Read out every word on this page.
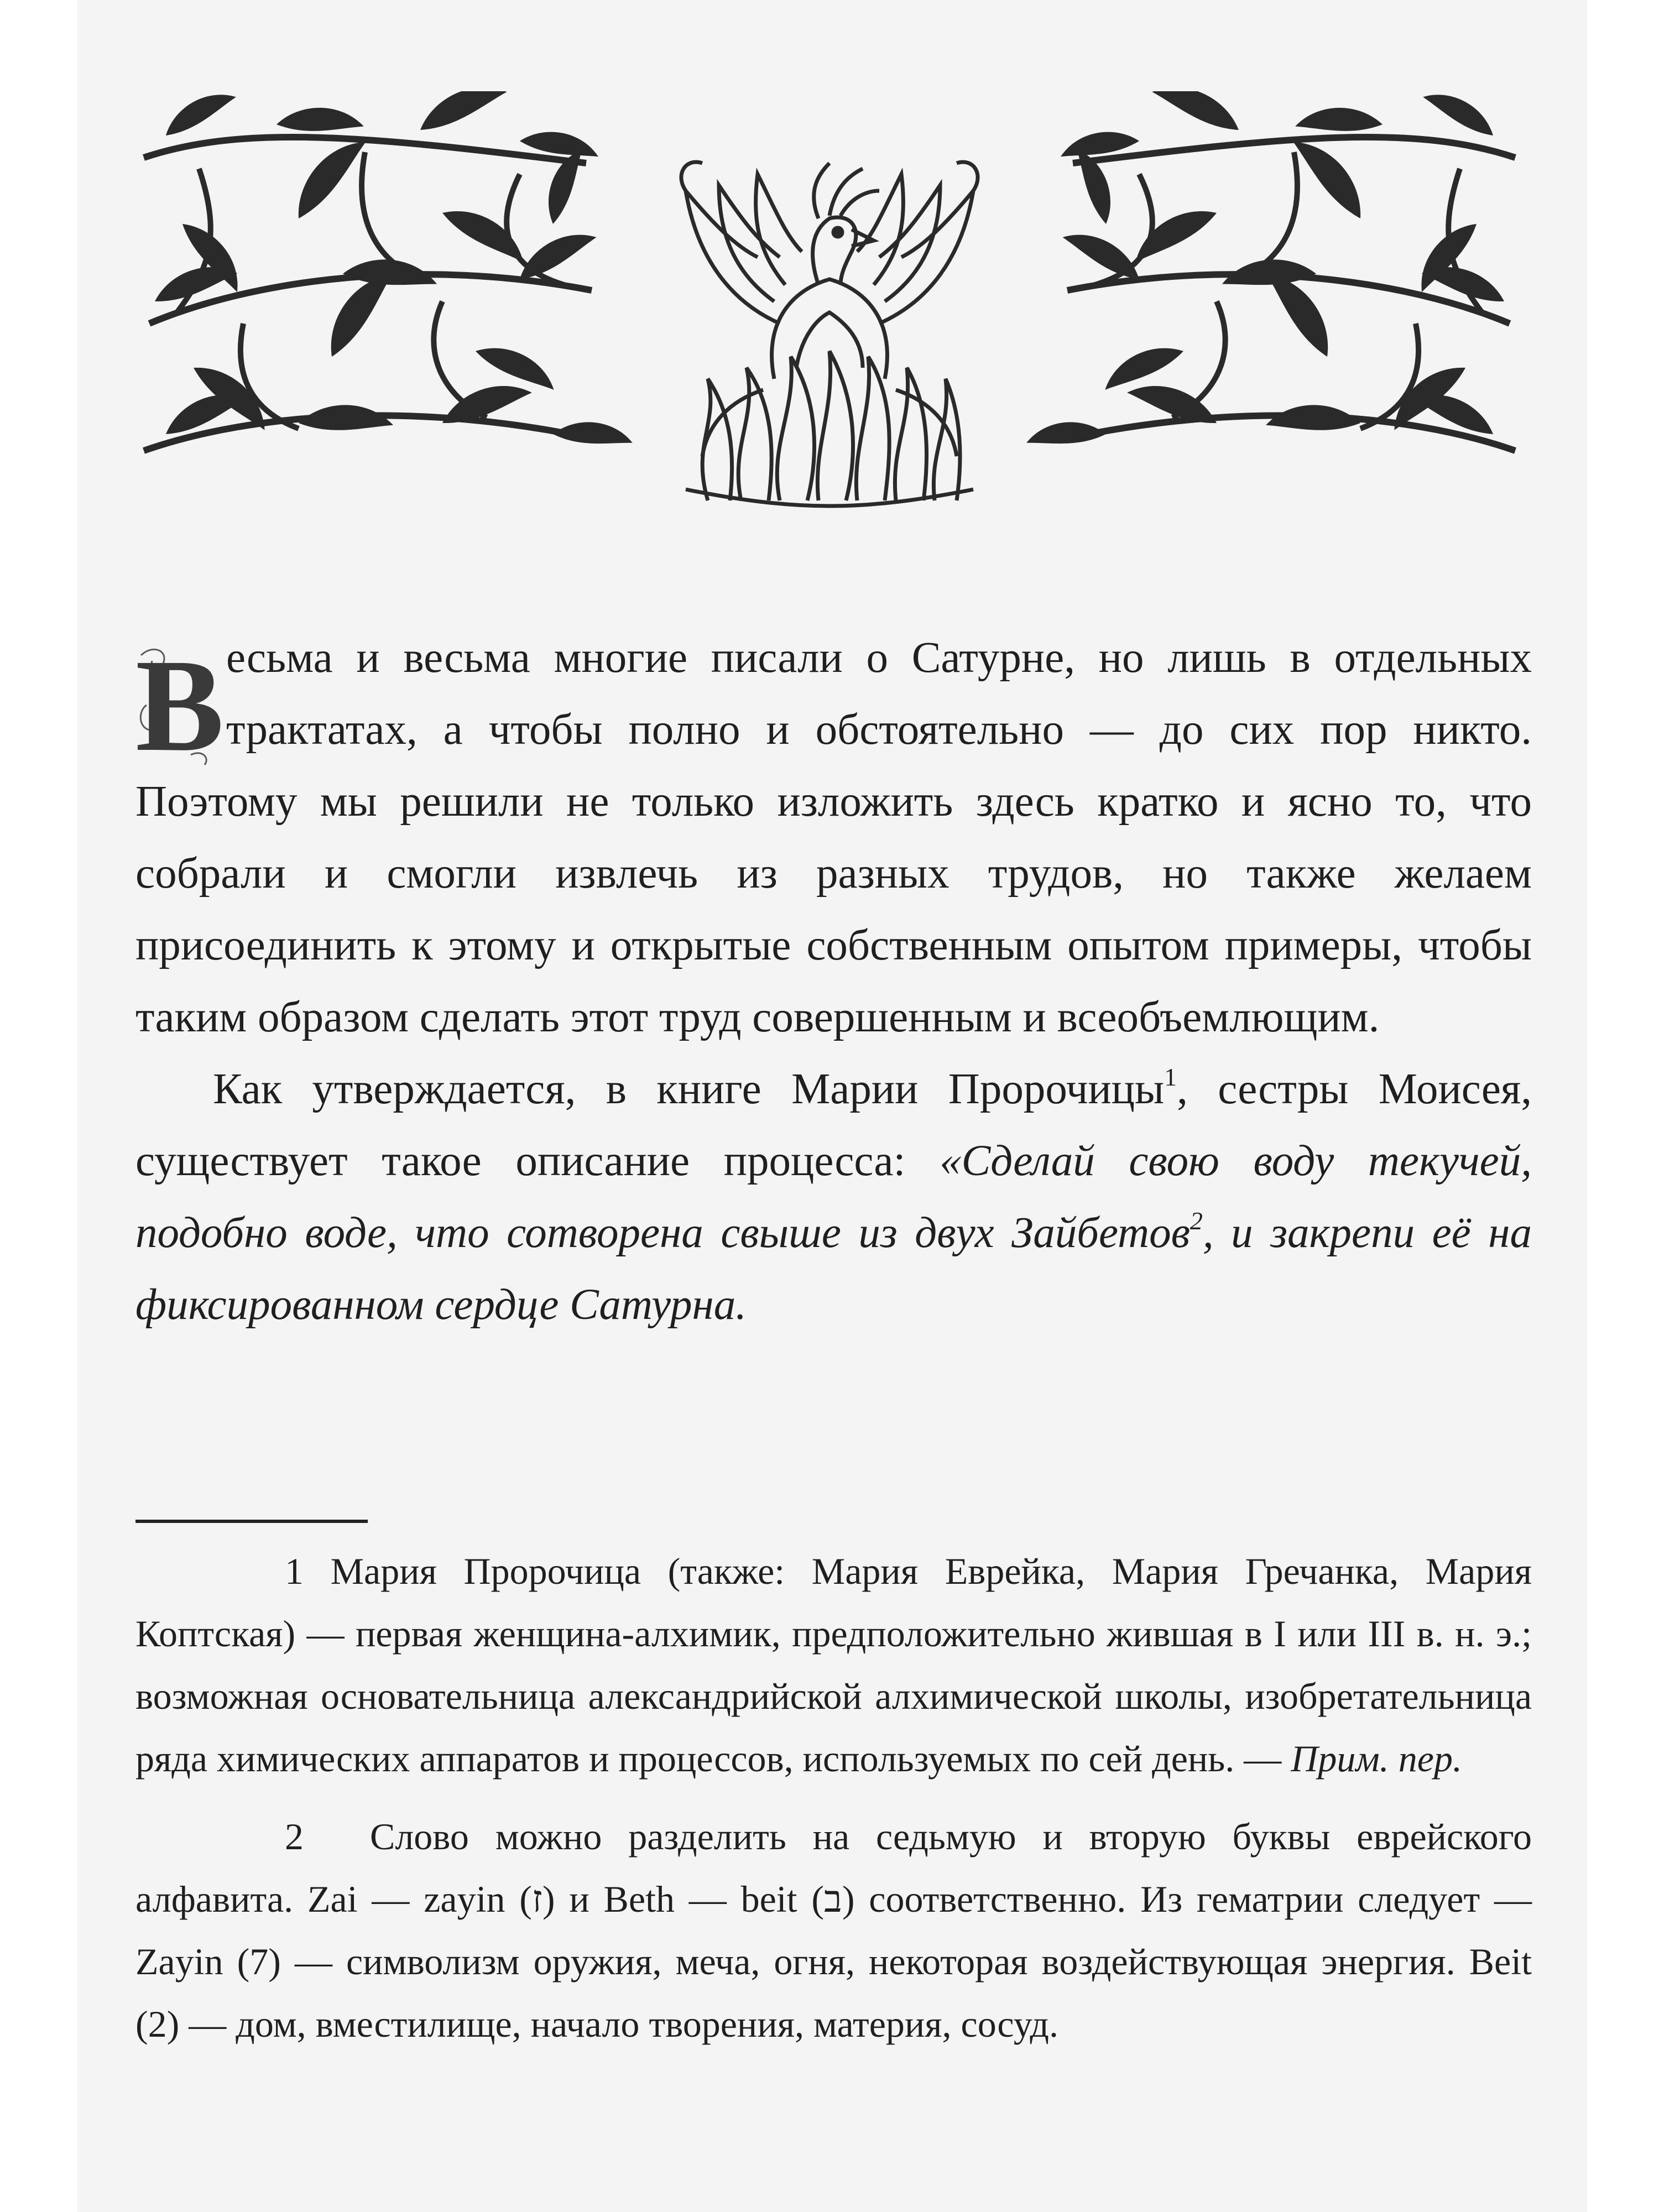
В есьма и весьма многие писали о Сатурне, но лишь в отдельных трактатах, а чтобы полно и обстоятельно — до сих пор никто. Поэтому мы решили не только изложить здесь кратко и ясно то, что собрали и смогли извлечь из разных трудов, но также желаем присоединить к этому и открытые собственным опытом примеры, чтобы таким образом сделать этот труд совершенным и всеобъемлющим.

Как утверждается, в книге Марии Пророчицы$^1$, сестры Моисея, существует такое описание процесса: «Сделай свою воду текучей, подобно воде, что сотворена свыше из двух Зайбетов$^2$, и закрепи её на фиксированном сердце Сатурна.

1 Мария Пророчица (также: Мария Еврейка, Мария Гречанка, Мария Коптская) — первая женщина-алхимик, предположительно жившая в I или III в. н. э.; возможная основательница александрийской алхимической школы, изобретательница ряда химических аппаратов и процессов, используемых по сей день. — Прим. пер.

2 Слово можно разделить на седьмую и вторую буквы еврейского алфавита. Zai — zayin (ז) и Beth — beit (ב) соответственно. Из гематрии следует — Zayin (7) — символизм оружия, меча, огня, некоторая воздействующая энергия. Beit (2) — дом, вместилище, начало творения, материя, сосуд.
